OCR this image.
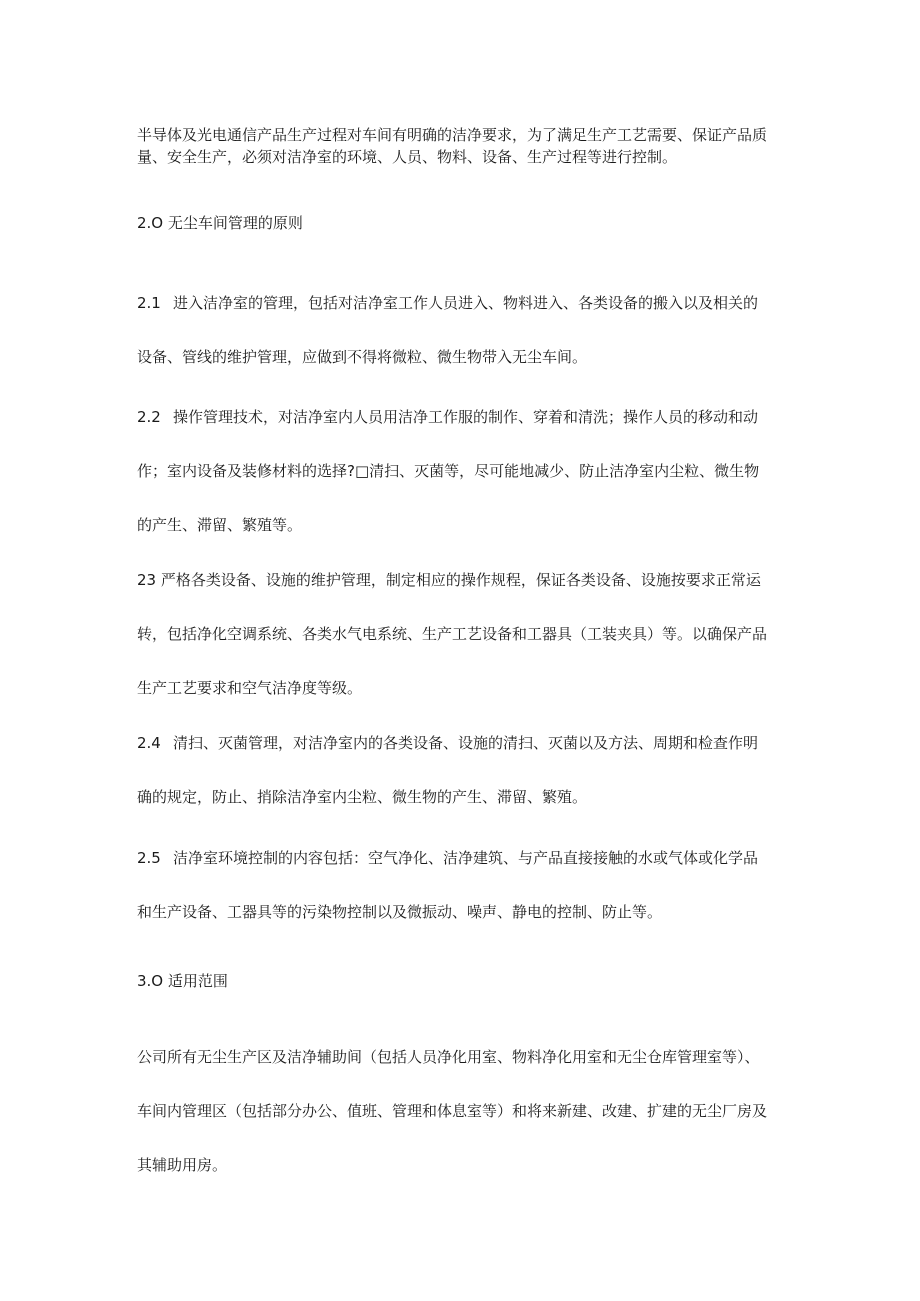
半导体及光电通信产品生产过程对车间有明确的洁净要求，为了满足生产工艺需要、保证产品质
量、安全生产，必须对洁净室的环境、人员、物料、设备、生产过程等进行控制。
2.O 无尘车间管理的原则
2.1 进入洁净室的管理，包括对洁净室工作人员进入、物料进入、各类设备的搬入以及相关的
设备、管线的维护管理，应做到不得将微粒、微生物带入无尘车间。
2.2 操作管理技术，对洁净室内人员用洁净工作服的制作、穿着和清洗；操作人员的移动和动
作；室内设备及装修材料的选择?□清扫、灭菌等，尽可能地减少、防止洁净室内尘粒、微生物
的产生、滞留、繁殖等。
23 严格各类设备、设施的维护管理，制定相应的操作规程，保证各类设备、设施按要求正常运
转，包括净化空调系统、各类水气电系统、生产工艺设备和工器具（工装夹具）等。以确保产品
生产工艺要求和空气洁净度等级。
2.4 清扫、灭菌管理，对洁净室内的各类设备、设施的清扫、灭菌以及方法、周期和检查作明
确的规定，防止、捎除洁净室内尘粒、微生物的产生、滞留、繁殖。
2.5 洁净室环境控制的内容包括：空气净化、洁净建筑、与产品直接接触的水或气体或化学品
和生产设备、工器具等的污染物控制以及微振动、噪声、静电的控制、防止等。
3.O 适用范围
公司所有无尘生产区及洁净辅助间（包括人员净化用室、物料净化用室和无尘仓库管理室等）、
车间内管理区（包括部分办公、值班、管理和体息室等）和将来新建、改建、扩建的无尘厂房及
其辅助用房。
